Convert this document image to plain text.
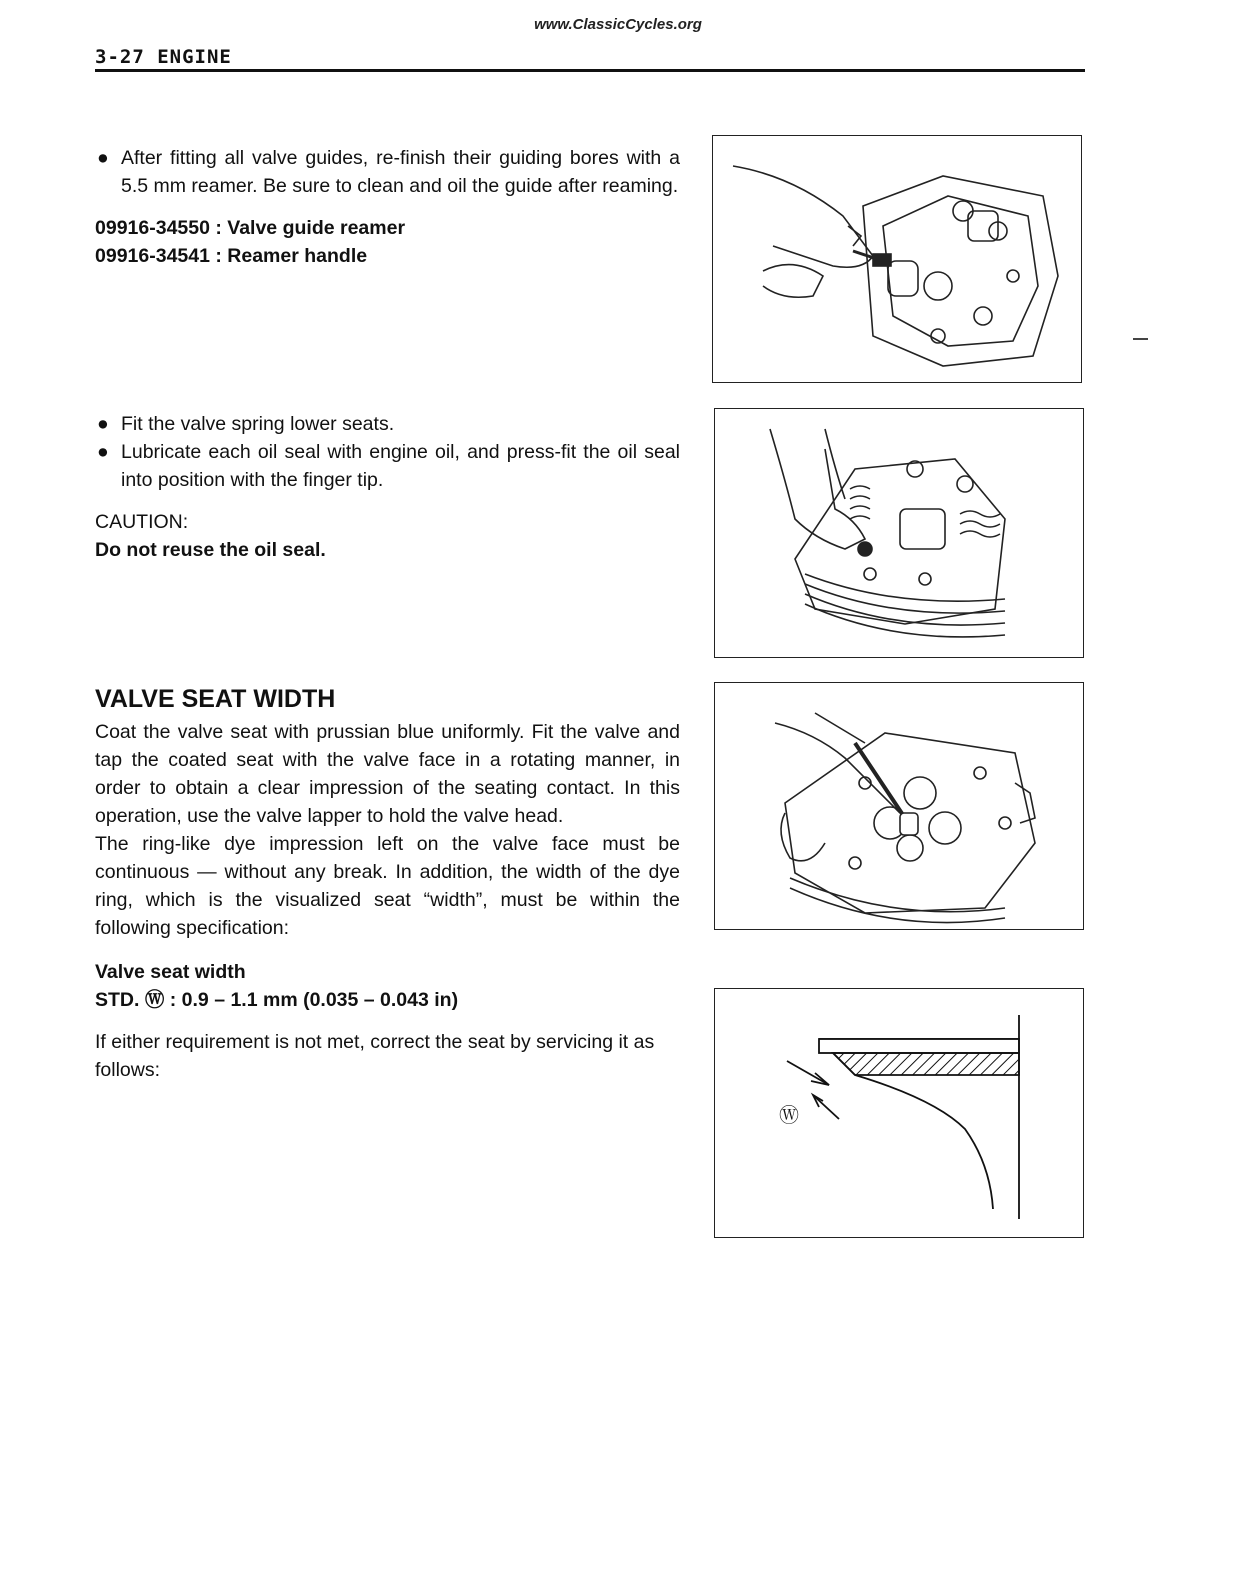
www.ClassicCycles.org
3-27 ENGINE

● After fitting all valve guides, re-finish their guiding bores with a 5.5 mm reamer. Be sure to clean and oil the guide after reaming.

09916-34550 : Valve guide reamer

09916-34541 : Reamer handle

● Fit the valve spring lower seats.

● Lubricate each oil seal with engine oil, and press-fit the oil seal into position with the finger tip.

CAUTION:

Do not reuse the oil seal.

VALVE SEAT WIDTH

Coat the valve seat with prussian blue uniformly. Fit the valve and tap the coated seat with the valve face in a rotating manner, in order to obtain a clear impression of the seating contact. In this operation, use the valve lapper to hold the valve head.

The ring-like dye impression left on the valve face must be continuous — without any break. In addition, the width of the dye ring, which is the visualized seat “width”, must be within the following specification:

Valve seat width

STD. Ⓦ : 0.9 – 1.1 mm (0.035 – 0.043 in)

If either requirement is not met, correct the seat by servicing it as follows:

Ⓦ
